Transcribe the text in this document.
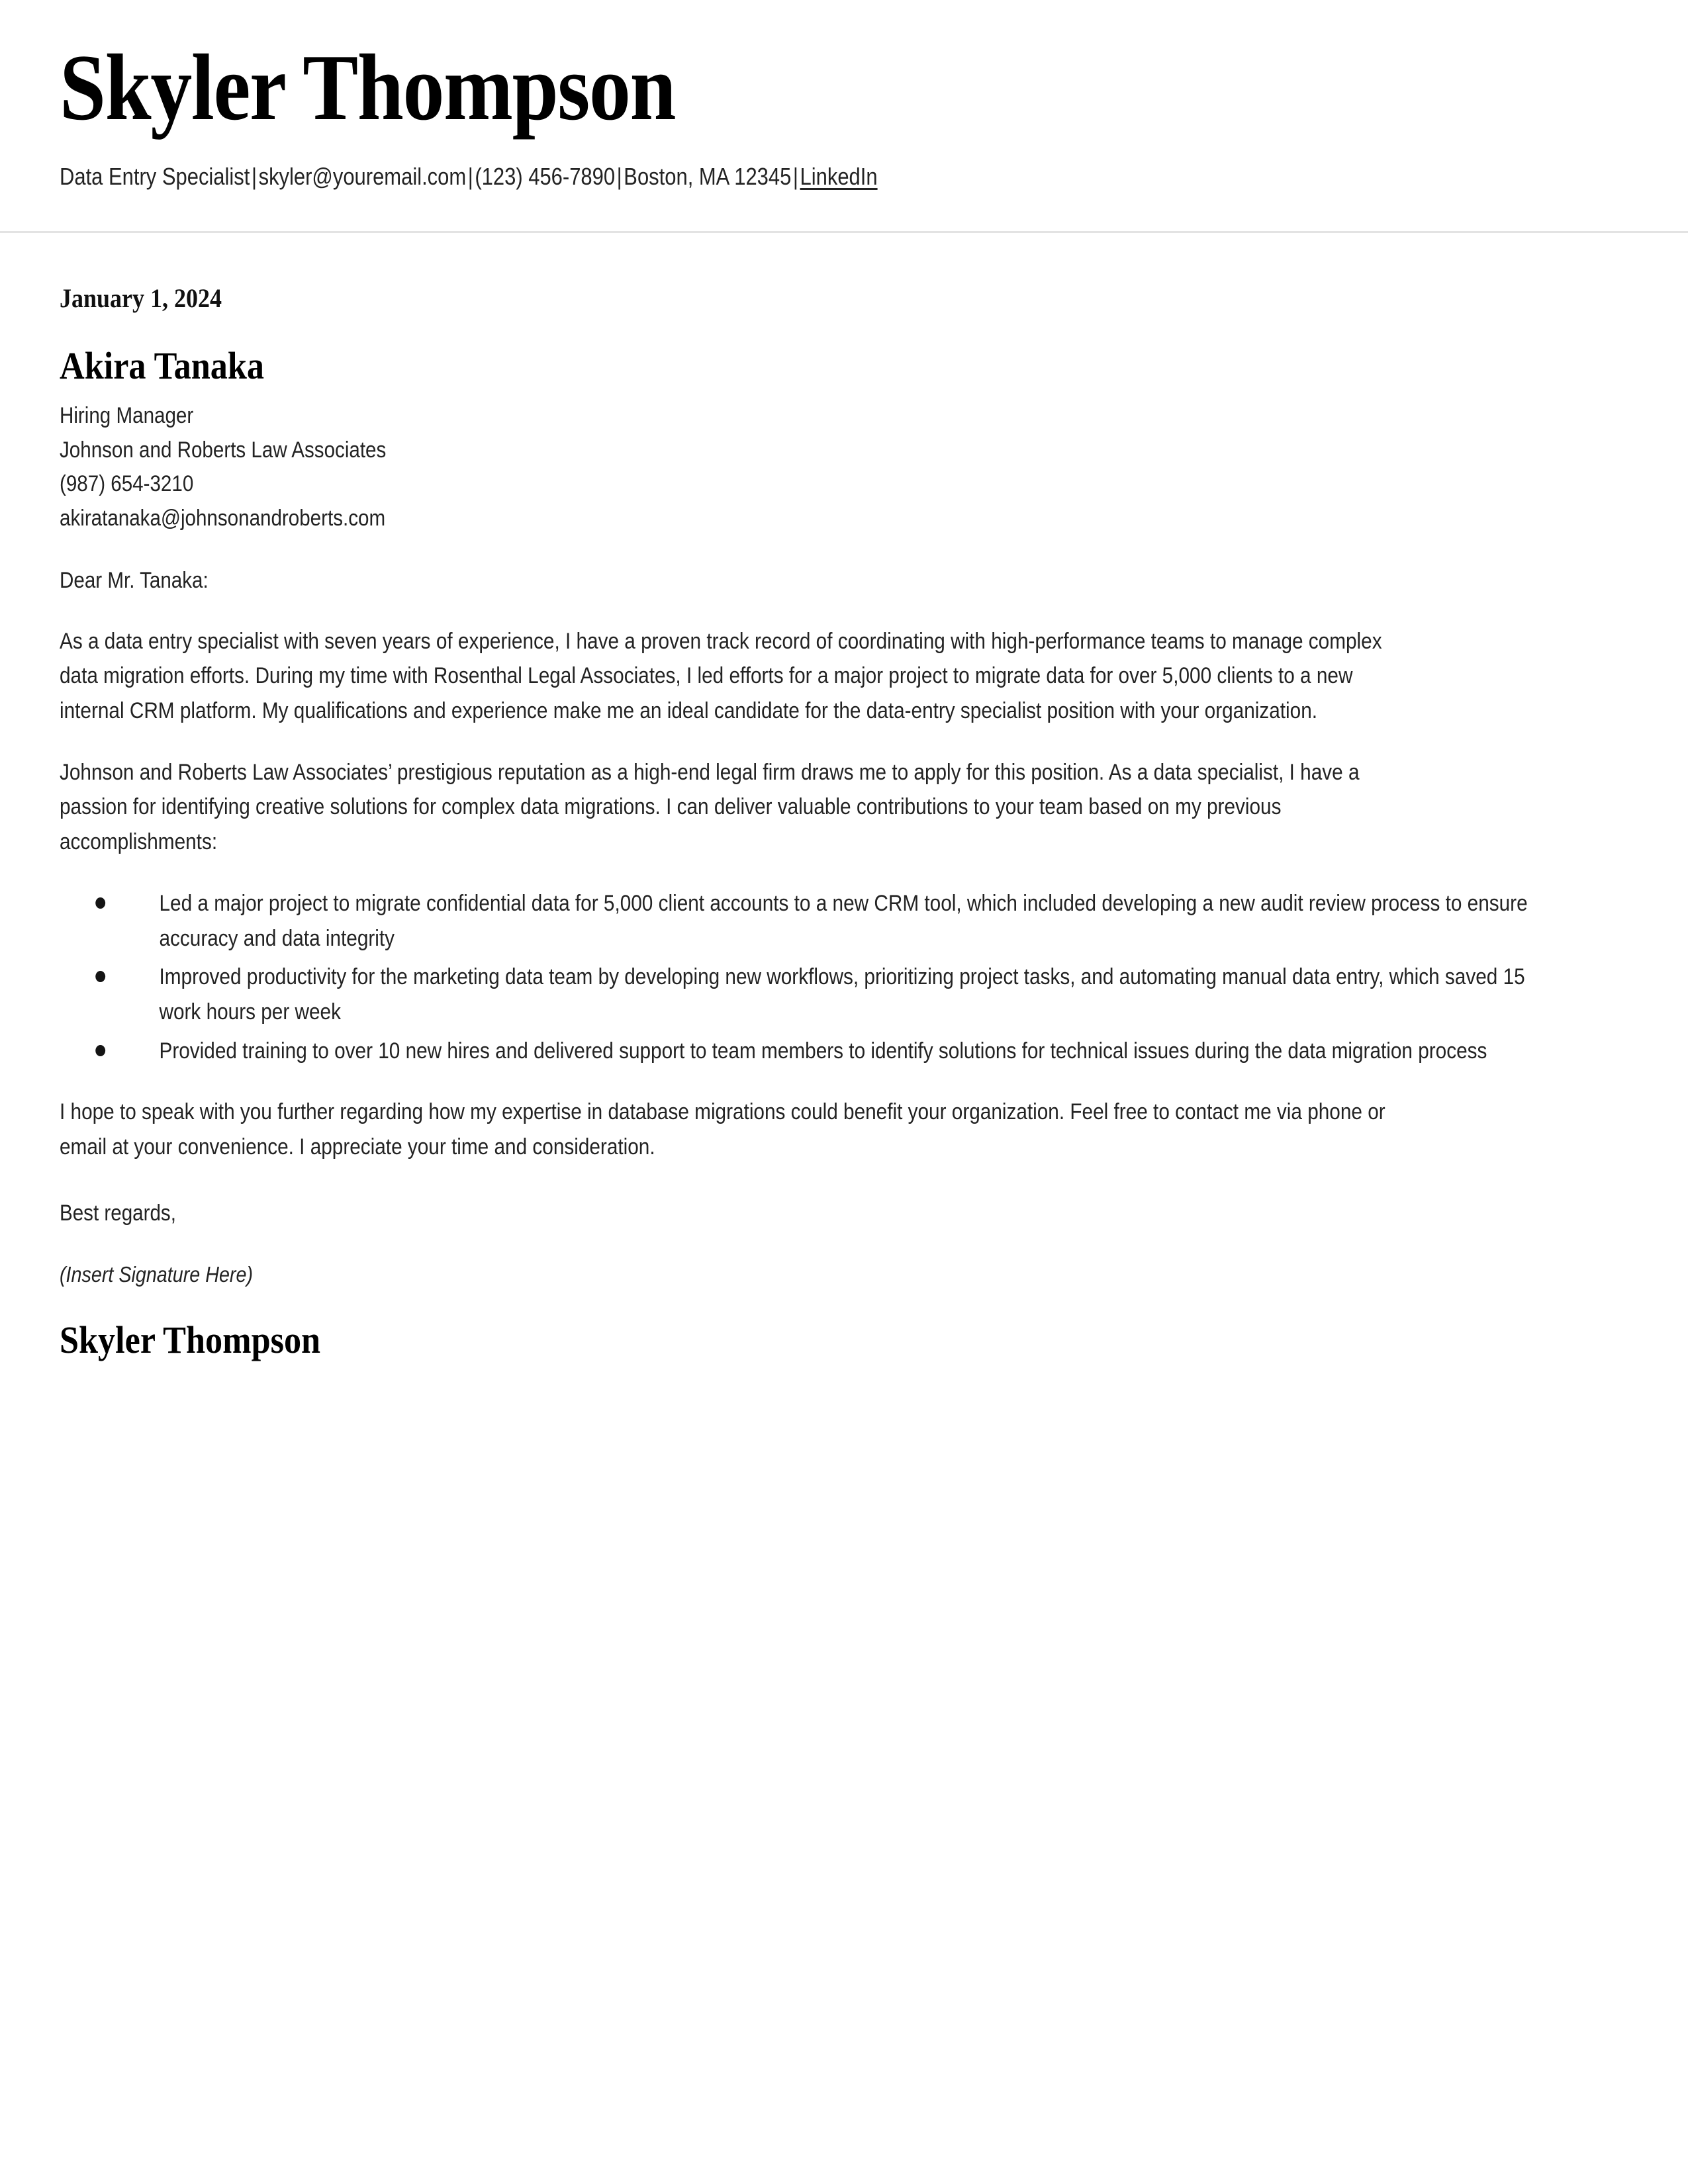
Skyler Thompson
Data Entry Specialist|skyler@youremail.com|(123) 456-7890|Boston, MA 12345|LinkedIn
January 1, 2024
Akira Tanaka
Hiring Manager
Johnson and Roberts Law Associates
(987) 654-3210
akiratanaka@johnsonandroberts.com
Dear Mr. Tanaka:

As a data entry specialist with seven years of experience, I have a proven track record of coordinating with high-performance teams to manage complex data migration efforts. During my time with Rosenthal Legal Associates, I led efforts for a major project to migrate data for over 5,000 clients to a new internal CRM platform. My qualifications and experience make me an ideal candidate for the data-entry specialist position with your organization.

Johnson and Roberts Law Associates’ prestigious reputation as a high-end legal firm draws me to apply for this position. As a data specialist, I have a passion for identifying creative solutions for complex data migrations. I can deliver valuable contributions to your team based on my previous accomplishments:

Led a major project to migrate confidential data for 5,000 client accounts to a new CRM tool, which included developing a new audit review process to ensure accuracy and data integrity
Improved productivity for the marketing data team by developing new workflows, prioritizing project tasks, and automating manual data entry, which saved 15 work hours per week
Provided training to over 10 new hires and delivered support to team members to identify solutions for technical issues during the data migration process

I hope to speak with you further regarding how my expertise in database migrations could benefit your organization. Feel free to contact me via phone or email at your convenience. I appreciate your time and consideration.

Best regards,
(Insert Signature Here)
Skyler Thompson
